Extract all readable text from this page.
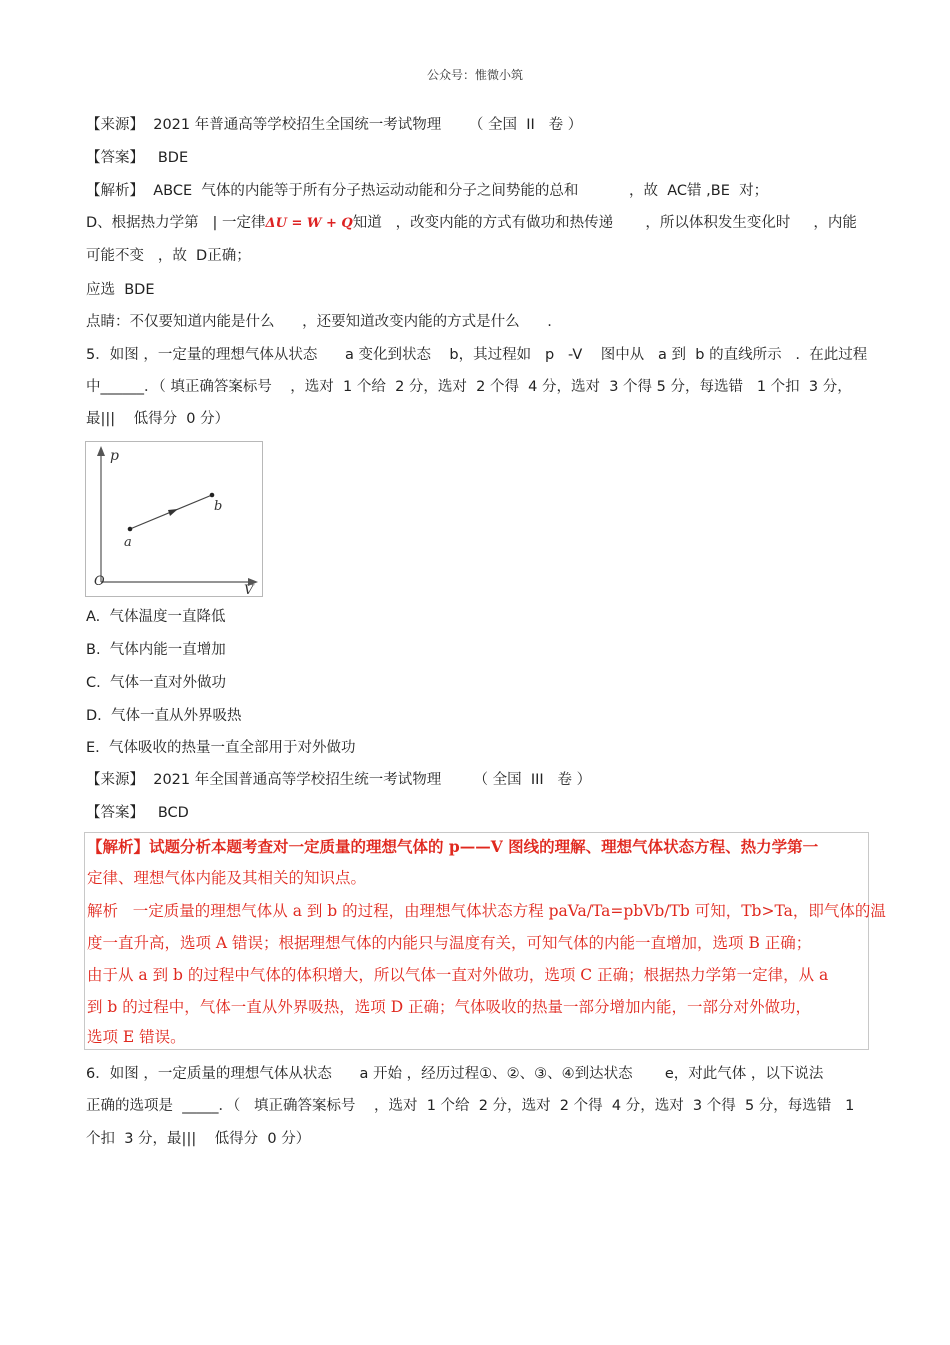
公众号：惟微小筑
【来源】  2021 年普通高等学校招生全国统一考试物理      （ 全国  II   卷 ）
【答案】   BDE
【解析】  ABCE  气体的内能等于所有分子热运动动能和分子之间势能的总和           ，故  AC错 ,BE  对；
D、根据热力学第   | 一定律ΔU = W + Q知道   ，改变内能的方式有做功和热传递       ，所以体积发生变化时     ，内能
可能不变   ，故  D正确；
应选  BDE
点睛：不仅要知道内能是什么      ，还要知道改变内能的方式是什么      .
5．如图 ，一定量的理想气体从状态      a 变化到状态    b，其过程如   p   -V    图中从   a 到  b 的直线所示   .  在此过程
中______．（ 填正确答案标号    ，选对  1 个给  2 分，选对  2 个得  4 分，选对  3 个得 5 分，每选错   1 个扣  3 分，
最|||    低得分  0 分）
p
V
O
a
b
A.  气体温度一直降低
B.  气体内能一直增加
C.  气体一直对外做功
D.  气体一直从外界吸热
E.  气体吸收的热量一直全部用于对外做功
【来源】  2021 年全国普通高等学校招生统一考试物理       （ 全国  III   卷 ）
【答案】   BCD
【解析】试题分析本题考查对一定质量的理想气体的 p——V 图线的理解、理想气体状态方程、热力学第一
定律、理想气体内能及其相关的知识点。
解析   一定质量的理想气体从 a 到 b 的过程，由理想气体状态方程 paVa/Ta=pbVb/Tb 可知，Tb>Ta，即气体的温
度一直升高，选项 A 错误；根据理想气体的内能只与温度有关，可知气体的内能一直增加，选项 B 正确；
由于从 a 到 b 的过程中气体的体积增大，所以气体一直对外做功，选项 C 正确；根据热力学第一定律，从 a
到 b 的过程中，气体一直从外界吸热，选项 D 正确；气体吸收的热量一部分增加内能，一部分对外做功，
选项 E 错误。
6．如图 ，一定质量的理想气体从状态      a 开始 ，经历过程①、②、③、④到达状态       e，对此气体 ，以下说法
正确的选项是  _____．（   填正确答案标号    ，选对  1 个给  2 分，选对  2 个得  4 分，选对  3 个得  5 分，每选错   1
个扣  3 分，最|||    低得分  0 分）
